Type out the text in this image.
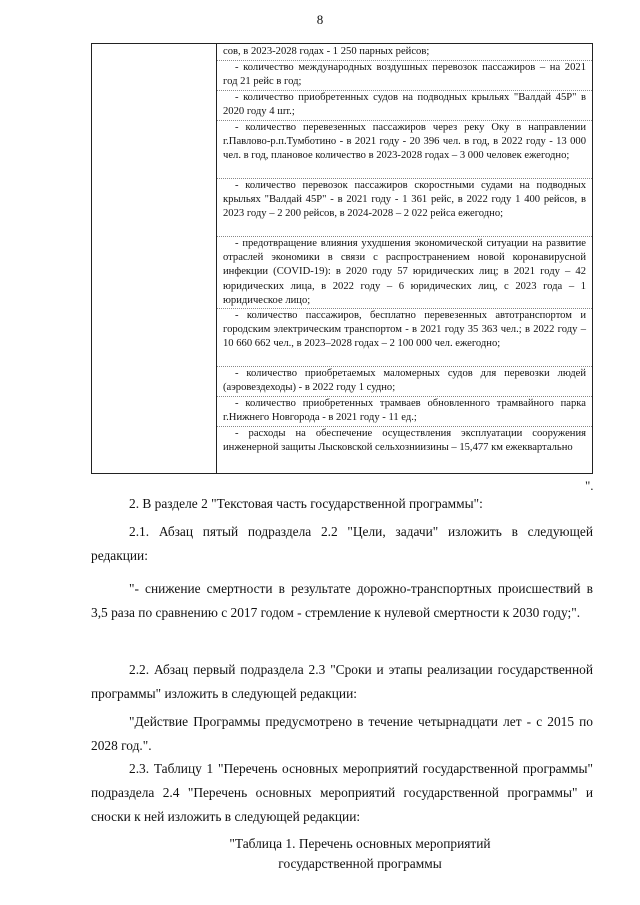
8

сов, в 2023-2028 годах - 1 250 парных рейсов;

- количество международных воздушных перевозок пассажиров – на 2021 год 21 рейс в год;

- количество приобретенных судов на подводных крыльях "Валдай 45Р" в 2020 году 4 шт.;

- количество перевезенных пассажиров через реку Оку в направлении г.Павлово-р.п.Тумботино - в 2021 году - 20 396 чел. в год, в 2022 году - 13 000 чел. в год, плановое количество в 2023-2028 годах – 3 000 человек ежегодно;

- количество перевозок пассажиров скоростными судами на подводных крыльях "Валдай 45Р" - в 2021 году - 1 361 рейс, в 2022 году 1 400 рейсов, в 2023 году – 2 200 рейсов, в 2024-2028 – 2 022 рейса ежегодно;

- предотвращение влияния ухудшения экономической ситуации на развитие отраслей экономики в связи с распространением новой коронавирусной инфекции (COVID-19): в 2020 году 57 юридических лиц; в 2021 году – 42 юридических лица, в 2022 году – 6 юридических лиц, с 2023 года – 1 юридическое лицо;

- количество пассажиров, бесплатно перевезенных автотранспортом и городским электрическим транспортом - в 2021 году 35 363 чел.; в 2022 году – 10 660 662 чел., в 2023–2028 годах – 2 100 000 чел. ежегодно;

- количество приобретаемых маломерных судов для перевозки людей (аэровездеходы) - в 2022 году 1 судно;

- количество приобретенных трамваев обновленного трамвайного парка г.Нижнего Новгорода - в 2021 году - 11 ед.;

- расходы на обеспечение осуществления эксплуатации сооружения инженерной защиты Лысковской сельхозниизины – 15,477 км ежеквартально

".

2. В разделе 2 "Текстовая часть государственной программы":

2.1. Абзац пятый подраздела 2.2 "Цели, задачи" изложить в следующей редакции:

"- снижение смертности в результате дорожно-транспортных происшествий в 3,5 раза по сравнению с 2017 годом - стремление к нулевой смертности к 2030 году;".

2.2. Абзац первый подраздела 2.3 "Сроки и этапы реализации государственной программы" изложить в следующей редакции:

"Действие Программы предусмотрено в течение четырнадцати лет - с 2015 по 2028 год.".

2.3. Таблицу 1 "Перечень основных мероприятий государственной программы" подраздела 2.4 "Перечень основных мероприятий государственной программы" и сноски к ней изложить в следующей редакции:

"Таблица 1. Перечень основных мероприятий
государственной программы
